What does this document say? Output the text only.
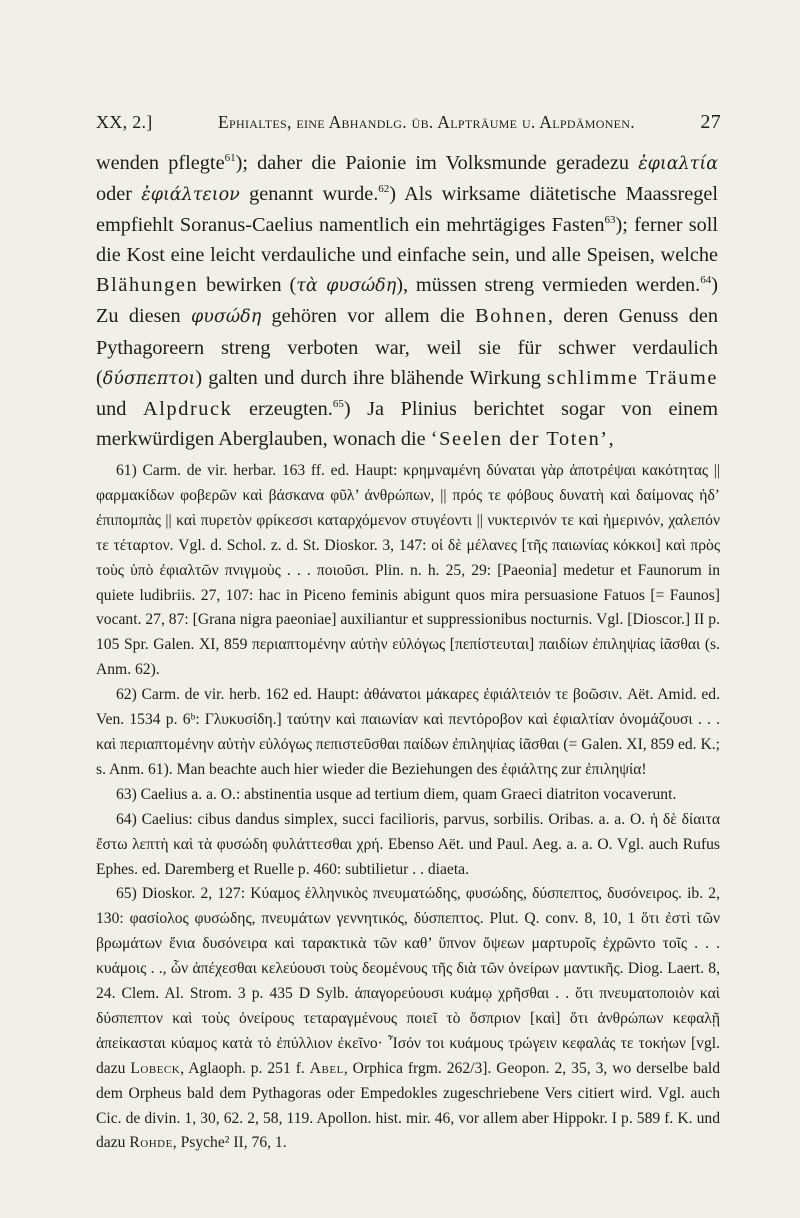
XX, 2.]	Ephialtes, eine Abhandlg. üb. Alpträume u. Alpdämonen.	27

wenden pflegte$^{61}$); daher die Paionie im Volksmunde geradezu ἐφιαλτία oder ἐφιάλτειον genannt wurde.$^{62}$) Als wirksame diätetische Maassregel empfiehlt Soranus-Caelius namentlich ein mehrtägiges Fasten$^{63}$); ferner soll die Kost eine leicht verdauliche und einfache sein, und alle Speisen, welche Blähungen bewirken (τὰ φυσώδη), müssen streng vermieden werden.$^{64}$) Zu diesen φυσώδη gehören vor allem die Bohnen, deren Genuss den Pythagoreern streng verboten war, weil sie für schwer verdaulich (δύσπεπτοι) galten und durch ihre blähende Wirkung schlimme Träume und Alpdruck erzeugten.$^{65}$) Ja Plinius berichtet sogar von einem merkwürdigen Aberglauben, wonach die ‘Seelen der Toten’,

61) Carm. de vir. herbar. 163 ff. ed. Haupt: κρημναμένη δύναται γὰρ ἀποτρέψαι κακότητας || φαρμακίδων φοβερῶν καὶ βάσκανα φῦλ’ ἀνθρώπων, || πρός τε φόβους δυνατὴ καὶ δαίμονας ἠδ’ ἐπιπομπὰς || καὶ πυρετὸν φρίκεσσι καταρχόμενον στυγέοντι || νυκτερινόν τε καὶ ἠμερινόν, χαλεπόν τε τέταρτον. Vgl. d. Schol. z. d. St. Dioskor. 3, 147: οἱ δὲ μέλανες [τῆς παιωνίας κόκκοι] καὶ πρὸς τοὺς ὑπὸ ἐφιαλτῶν πνιγμοὺς . . . ποιοῦσι. Plin. n. h. 25, 29: [Paeonia] medetur et Faunorum in quiete ludibriis. 27, 107: hac in Piceno feminis abigunt quos mira persuasione Fatuos [= Faunos] vocant. 27, 87: [Grana nigra paeoniae] auxiliantur et suppressionibus nocturnis. Vgl. [Dioscor.] II p. 105 Spr. Galen. XI, 859 περιαπτομένην αὐτὴν εὐλόγως [πεπίστευται] παιδίων ἐπιληψίας ἰᾶσθαι (s. Anm. 62).

62) Carm. de vir. herb. 162 ed. Haupt: ἀθάνατοι μάκαρες ἐφιάλτειόν τε βοῶσιν. Aët. Amid. ed. Ven. 1534 p. 6ᵇ: Γλυκυσίδη.] ταύτην καὶ παιωνίαν καὶ πεντόροβον καὶ ἐφιαλτίαν ὀνομάζουσι . . . καὶ περιαπτομένην αὐτὴν εὐλόγως πεπιστεῦσθαι παίδων ἐπιληψίας ἰᾶσθαι (= Galen. XI, 859 ed. K.; s. Anm. 61). Man beachte auch hier wieder die Beziehungen des ἐφιάλτης zur ἐπιληψία!

63) Caelius a. a. O.: abstinentia usque ad tertium diem, quam Graeci diatriton vocaverunt.

64) Caelius: cibus dandus simplex, succi facilioris, parvus, sorbilis. Oribas. a. a. O. ἡ δὲ δίαιτα ἔστω λεπτὴ καὶ τὰ φυσώδη φυλάττεσθαι χρή. Ebenso Aët. und Paul. Aeg. a. a. O. Vgl. auch Rufus Ephes. ed. Daremberg et Ruelle p. 460: subtilietur . . diaeta.

65) Dioskor. 2, 127: Κύαμος ἑλληνικὸς πνευματώδης, φυσώδης, δύσπεπτος, δυσόνειρος. ib. 2, 130: φασίολος φυσώδης, πνευμάτων γεννητικός, δύσπεπτος. Plut. Q. conv. 8, 10, 1 ὅτι ἐστὶ τῶν βρωμάτων ἔνια δυσόνειρα καὶ ταρακτικὰ τῶν καθ’ ὕπνον ὄψεων μαρτυροῖς ἐχρῶντο τοῖς . . . κυάμοις . ., ὧν ἀπέχεσθαι κελεύουσι τοὺς δεομένους τῆς διὰ τῶν ὀνείρων μαντικῆς. Diog. Laert. 8, 24. Clem. Al. Strom. 3 p. 435 D Sylb. ἀπαγορεύουσι κυάμῳ χρῆσθαι . . ὅτι πνευματοποιὸν καὶ δύσπεπτον καὶ τοὺς ὀνείρους τεταραγμένους ποιεῖ τὸ ὄσπριον [καὶ] ὅτι ἀνθρώπων κεφαλῇ ἀπείκασται κύαμος κατὰ τὸ ἐπύλλιον ἐκεῖνο· Ἶσόν τοι κυάμους τρώγειν κεφαλάς τε τοκήων [vgl. dazu Lobeck, Aglaoph. p. 251 f. Abel, Orphica frgm. 262/3]. Geopon. 2, 35, 3, wo derselbe bald dem Orpheus bald dem Pythagoras oder Empedokles zugeschriebene Vers citiert wird. Vgl. auch Cic. de divin. 1, 30, 62. 2, 58, 119. Apollon. hist. mir. 46, vor allem aber Hippokr. I p. 589 f. K. und dazu Rohde, Psyche² II, 76, 1.
